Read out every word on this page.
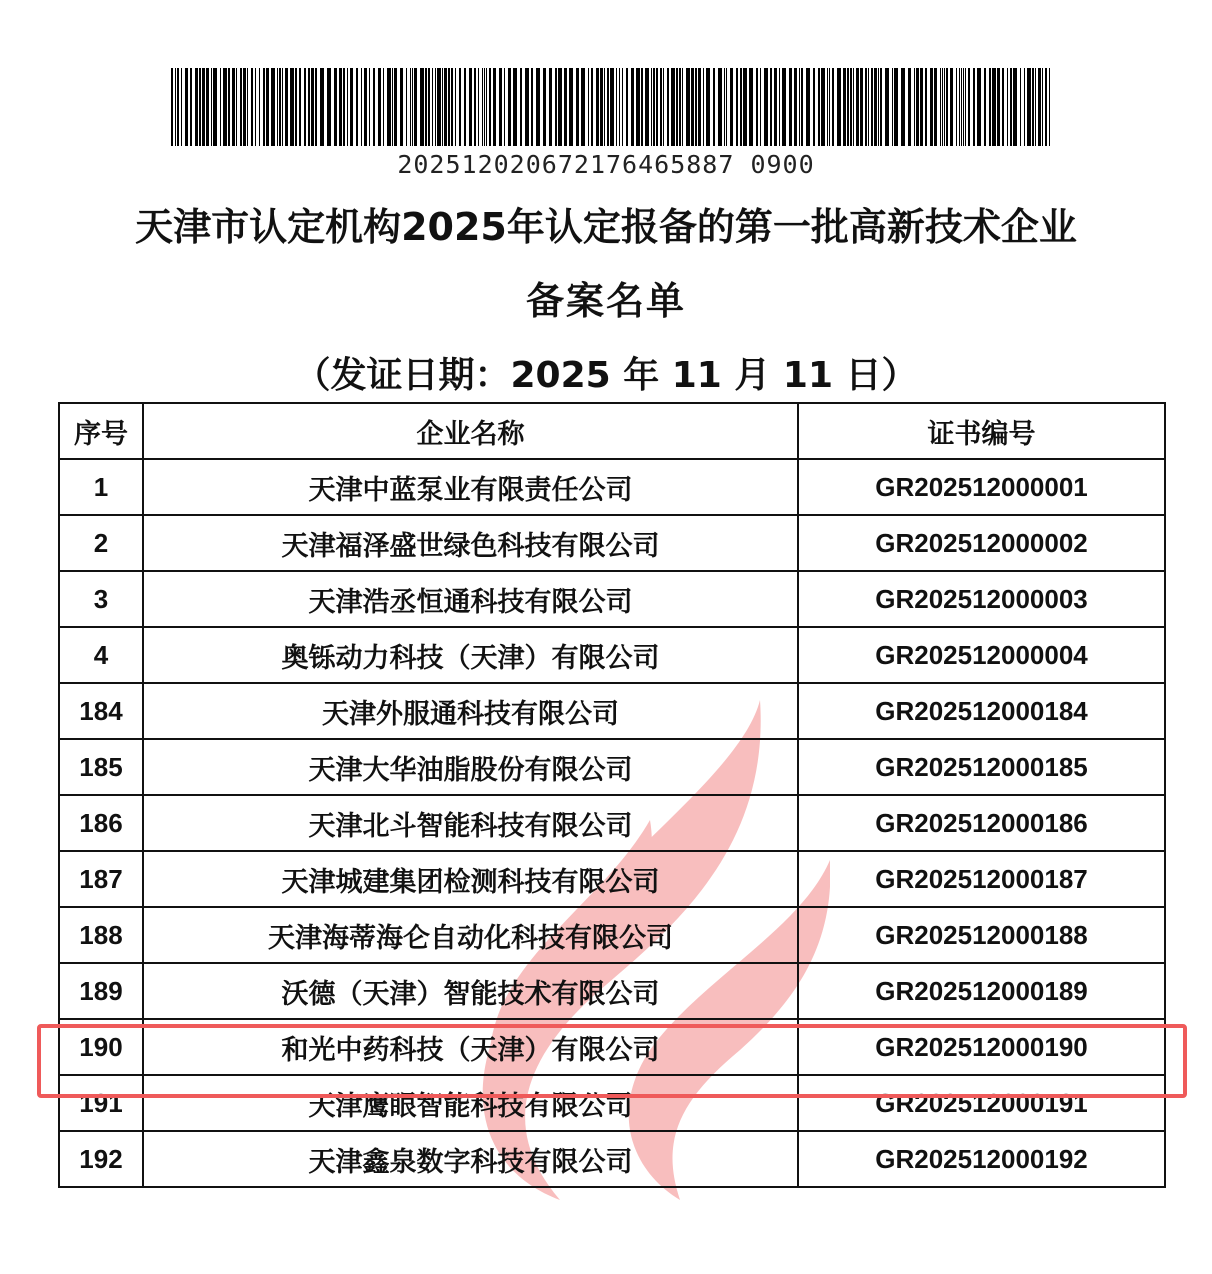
202512020672176465887 0900
天津市认定机构2025年认定报备的第一批高新技术企业
备案名单
（发证日期：2025 年 11 月 11 日）
序号	企业名称	证书编号
1	天津中蓝泵业有限责任公司	GR202512000001
2	天津福泽盛世绿色科技有限公司	GR202512000002
3	天津浩丞恒通科技有限公司	GR202512000003
4	奥铄动力科技（天津）有限公司	GR202512000004
184	天津外服通科技有限公司	GR202512000184
185	天津大华油脂股份有限公司	GR202512000185
186	天津北斗智能科技有限公司	GR202512000186
187	天津城建集团检测科技有限公司	GR202512000187
188	天津海蒂海仑自动化科技有限公司	GR202512000188
189	沃德（天津）智能技术有限公司	GR202512000189
190	和光中药科技（天津）有限公司	GR202512000190
191	天津鹰眼智能科技有限公司	GR202512000191
192	天津鑫泉数字科技有限公司	GR202512000192
